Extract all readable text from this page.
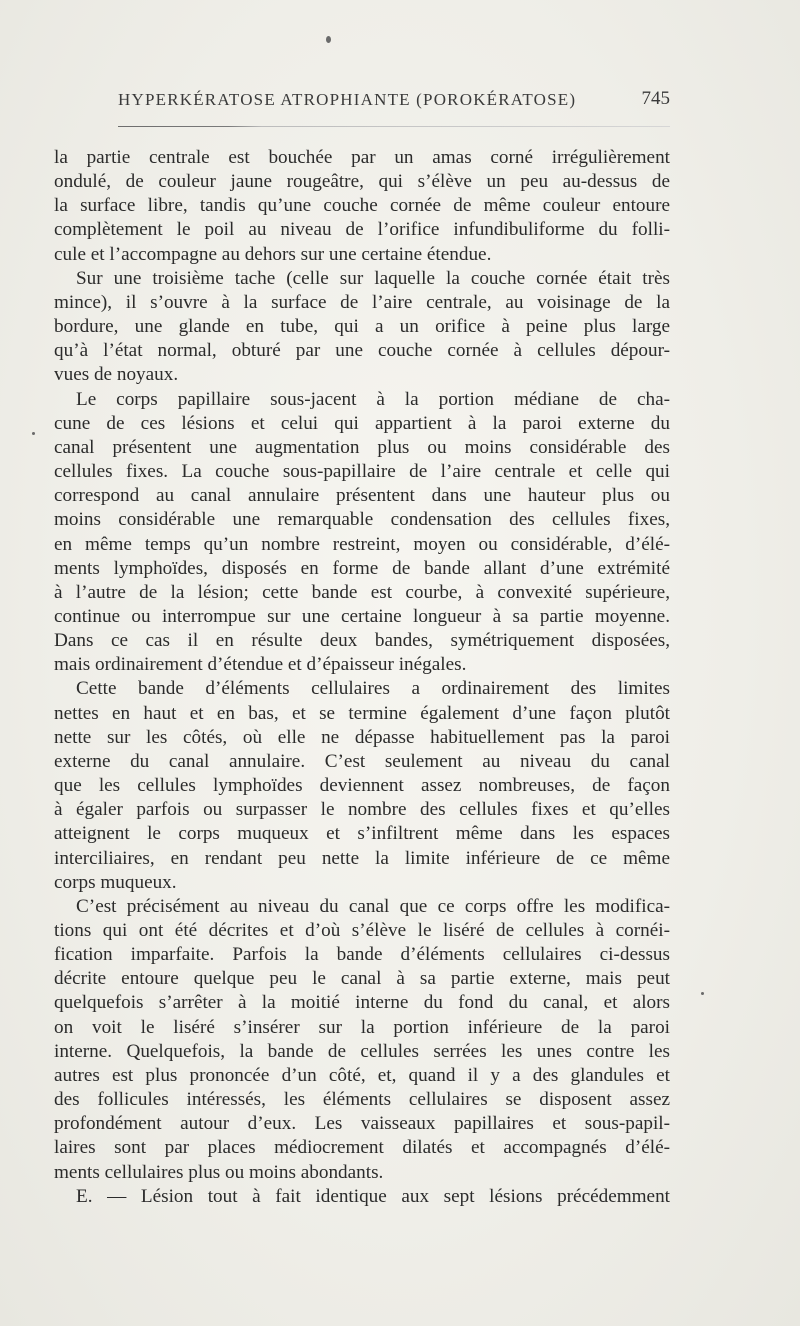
HYPERKÉRATOSE ATROPHIANTE (POROKÉRATOSE)	745

la partie centrale est bouchée par un amas corné irrégulièrement
ondulé, de couleur jaune rougeâtre, qui s’élève un peu au-dessus de
la surface libre, tandis qu’une couche cornée de même couleur entoure
complètement le poil au niveau de l’orifice infundibuliforme du folli-
cule et l’accompagne au dehors sur une certaine étendue.

Sur une troisième tache (celle sur laquelle la couche cornée était très
mince), il s’ouvre à la surface de l’aire centrale, au voisinage de la
bordure, une glande en tube, qui a un orifice à peine plus large
qu’à l’état normal, obturé par une couche cornée à cellules dépour-
vues de noyaux.

Le corps papillaire sous-jacent à la portion médiane de cha-
cune de ces lésions et celui qui appartient à la paroi externe du
canal présentent une augmentation plus ou moins considérable des
cellules fixes. La couche sous-papillaire de l’aire centrale et celle qui
correspond au canal annulaire présentent dans une hauteur plus ou
moins considérable une remarquable condensation des cellules fixes,
en même temps qu’un nombre restreint, moyen ou considérable, d’élé-
ments lymphoïdes, disposés en forme de bande allant d’une extrémité
à l’autre de la lésion; cette bande est courbe, à convexité supérieure,
continue ou interrompue sur une certaine longueur à sa partie moyenne.
Dans ce cas il en résulte deux bandes, symétriquement disposées,
mais ordinairement d’étendue et d’épaisseur inégales.

Cette bande d’éléments cellulaires a ordinairement des limites
nettes en haut et en bas, et se termine également d’une façon plutôt
nette sur les côtés, où elle ne dépasse habituellement pas la paroi
externe du canal annulaire. C’est seulement au niveau du canal
que les cellules lymphoïdes deviennent assez nombreuses, de façon
à égaler parfois ou surpasser le nombre des cellules fixes et qu’elles
atteignent le corps muqueux et s’infiltrent même dans les espaces
interciliaires, en rendant peu nette la limite inférieure de ce même
corps muqueux.

C’est précisément au niveau du canal que ce corps offre les modifica-
tions qui ont été décrites et d’où s’élève le liséré de cellules à cornéi-
fication imparfaite. Parfois la bande d’éléments cellulaires ci-dessus
décrite entoure quelque peu le canal à sa partie externe, mais peut
quelquefois s’arrêter à la moitié interne du fond du canal, et alors
on voit le liséré s’insérer sur la portion inférieure de la paroi
interne. Quelquefois, la bande de cellules serrées les unes contre les
autres est plus prononcée d’un côté, et, quand il y a des glandules et
des follicules intéressés, les éléments cellulaires se disposent assez
profondément autour d’eux. Les vaisseaux papillaires et sous-papil-
laires sont par places médiocrement dilatés et accompagnés d’élé-
ments cellulaires plus ou moins abondants.

E. — Lésion tout à fait identique aux sept lésions précédemment
